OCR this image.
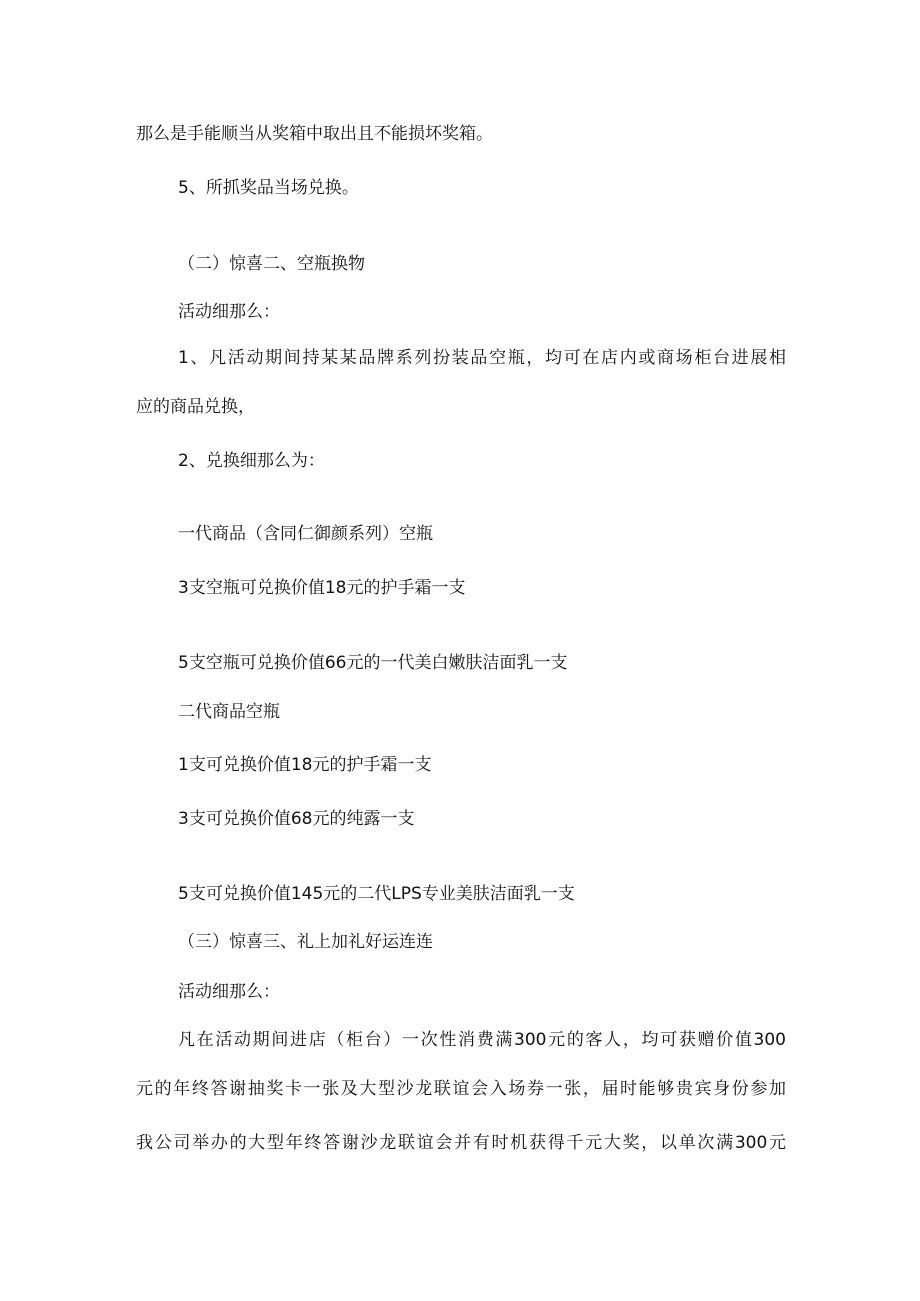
那么是手能顺当从奖箱中取出且不能损坏奖箱。

5、所抓奖品当场兑换。

（二）惊喜二、空瓶换物

活动细那么：

1、凡活动期间持某某品牌系列扮装品空瓶，均可在店内或商场柜台进展相

应的商品兑换，

2、兑换细那么为：

一代商品（含同仁御颜系列）空瓶

3支空瓶可兑换价值18元的护手霜一支

5支空瓶可兑换价值66元的一代美白嫩肤洁面乳一支

二代商品空瓶

1支可兑换价值18元的护手霜一支

3支可兑换价值68元的纯露一支

5支可兑换价值145元的二代LPS专业美肤洁面乳一支

（三）惊喜三、礼上加礼好运连连

活动细那么：

凡在活动期间进店（柜台）一次性消费满300元的客人，均可获赠价值300

元的年终答谢抽奖卡一张及大型沙龙联谊会入场券一张，届时能够贵宾身份参加

我公司举办的大型年终答谢沙龙联谊会并有时机获得千元大奖，以单次满300元
